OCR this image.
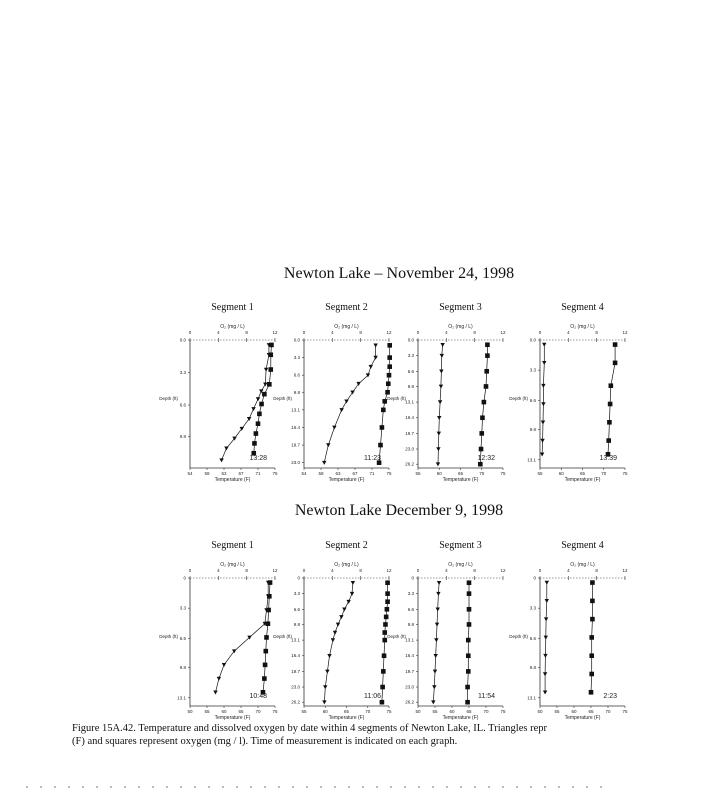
Newton Lake – November 24, 1998
Newton Lake December 9, 1998
Segment 1
0	4	8	12
O₂ (mg / L)
54	59	63	67	71	75
Temperature (F)
0.0
3.3
6.6
9.8
Depth (ft)
13:28
Segment 2
0	4	8	12
O₂ (mg / L)
54	59	63	67	71	75
Temperature (F)
0.0
3.3
6.6
9.8
13.1
16.4
19.7
23.0
Depth (ft)
11:23
Segment 3
0	4	8	12
O₂ (mg / L)
55	60	65	70	75
Temperature (F)
0.0
3.3
6.6
9.8
13.1
16.4
19.7
23.0
26.2
Depth (ft)
12:32
Segment 4
0	4	8	12
O₂ (mg / L)
55	60	65	70	75
Temperature (F)
0.0
3.3
6.6
9.8
13.1
Depth (ft)
13:39
Segment 1
0	4	8	12
O₂ (mg / L)
50	55	60	65	70	75
Temperature (F)
0
3.3
6.6
9.8
13.1
Depth (ft)
10:48
Segment 2
0	4	8	12
O₂ (mg / L)
55	60	65	70	75
Temperature (F)
0
3.3
6.6
9.8
13.1
16.4
19.7
23.0
26.2
Depth (ft)
11:06
Segment 3
0	4	8	12
O₂ (mg / L)
50	55	60	65	70	75
Temperature (F)
0
3.3
6.6
9.8
13.1
16.4
19.7
23.0
26.2
Depth (ft)
11:54
Segment 4
0	4	8	12
O₂ (mg / L)
50	55	60	65	70	75
Temperature (F)
0
3.3
6.6
9.8
13.1
Depth (ft)
2:23
Figure 15A.42. Temperature and dissolved oxygen by date within 4 segments of Newton Lake, IL. Triangles repr
(F) and squares represent oxygen (mg / l). Time of measurement is indicated on each graph.
